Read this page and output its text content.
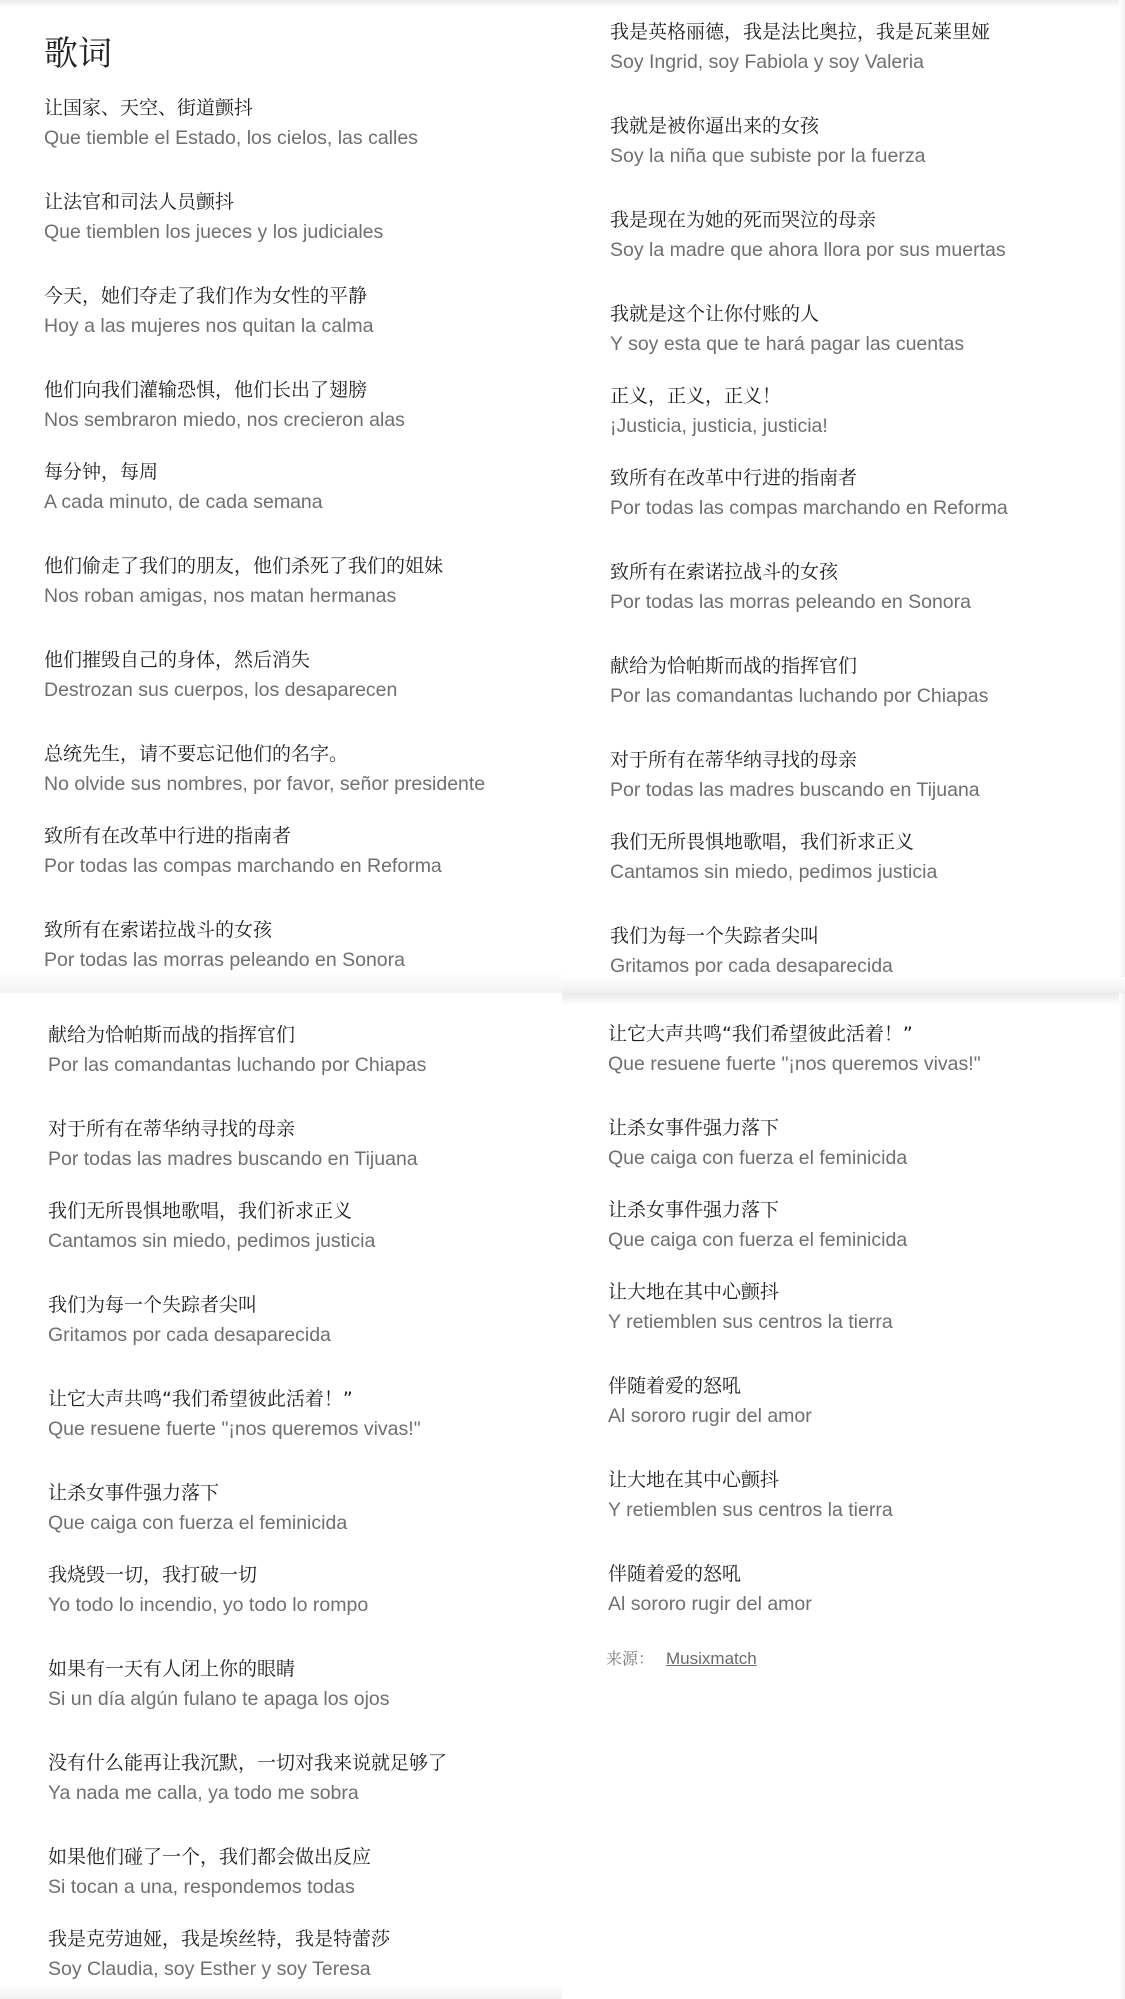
歌词
让国家、天空、街道颤抖
Que tiemble el Estado, los cielos, las calles
让法官和司法人员颤抖
Que tiemblen los jueces y los judiciales
今天，她们夺走了我们作为女性的平静
Hoy a las mujeres nos quitan la calma
他们向我们灌输恐惧，他们长出了翅膀
Nos sembraron miedo, nos crecieron alas
每分钟，每周
A cada minuto, de cada semana
他们偷走了我们的朋友，他们杀死了我们的姐妹
Nos roban amigas, nos matan hermanas
他们摧毁自己的身体，然后消失
Destrozan sus cuerpos, los desaparecen
总统先生，请不要忘记他们的名字。
No olvide sus nombres, por favor, señor presidente
致所有在改革中行进的指南者
Por todas las compas marchando en Reforma
致所有在索诺拉战斗的女孩
Por todas las morras peleando en Sonora
我是英格丽德，我是法比奥拉，我是瓦莱里娅
Soy Ingrid, soy Fabiola y soy Valeria
我就是被你逼出来的女孩
Soy la niña que subiste por la fuerza
我是现在为她的死而哭泣的母亲
Soy la madre que ahora llora por sus muertas
我就是这个让你付账的人
Y soy esta que te hará pagar las cuentas
正义，正义，正义！
¡Justicia, justicia, justicia!
致所有在改革中行进的指南者
Por todas las compas marchando en Reforma
致所有在索诺拉战斗的女孩
Por todas las morras peleando en Sonora
献给为恰帕斯而战的指挥官们
Por las comandantas luchando por Chiapas
对于所有在蒂华纳寻找的母亲
Por todas las madres buscando en Tijuana
我们无所畏惧地歌唱，我们祈求正义
Cantamos sin miedo, pedimos justicia
我们为每一个失踪者尖叫
Gritamos por cada desaparecida
献给为恰帕斯而战的指挥官们
Por las comandantas luchando por Chiapas
对于所有在蒂华纳寻找的母亲
Por todas las madres buscando en Tijuana
我们无所畏惧地歌唱，我们祈求正义
Cantamos sin miedo, pedimos justicia
我们为每一个失踪者尖叫
Gritamos por cada desaparecida
让它大声共鸣“我们希望彼此活着！”
Que resuene fuerte "¡nos queremos vivas!"
让杀女事件强力落下
Que caiga con fuerza el feminicida
我烧毁一切，我打破一切
Yo todo lo incendio, yo todo lo rompo
如果有一天有人闭上你的眼睛
Si un día algún fulano te apaga los ojos
没有什么能再让我沉默，一切对我来说就足够了
Ya nada me calla, ya todo me sobra
如果他们碰了一个，我们都会做出反应
Si tocan a una, respondemos todas
我是克劳迪娅，我是埃丝特，我是特蕾莎
Soy Claudia, soy Esther y soy Teresa
让它大声共鸣“我们希望彼此活着！”
Que resuene fuerte "¡nos queremos vivas!"
让杀女事件强力落下
Que caiga con fuerza el feminicida
让杀女事件强力落下
Que caiga con fuerza el feminicida
让大地在其中心颤抖
Y retiemblen sus centros la tierra
伴随着爱的怒吼
Al sororo rugir del amor
让大地在其中心颤抖
Y retiemblen sus centros la tierra
伴随着爱的怒吼
Al sororo rugir del amor
来源： Musixmatch
